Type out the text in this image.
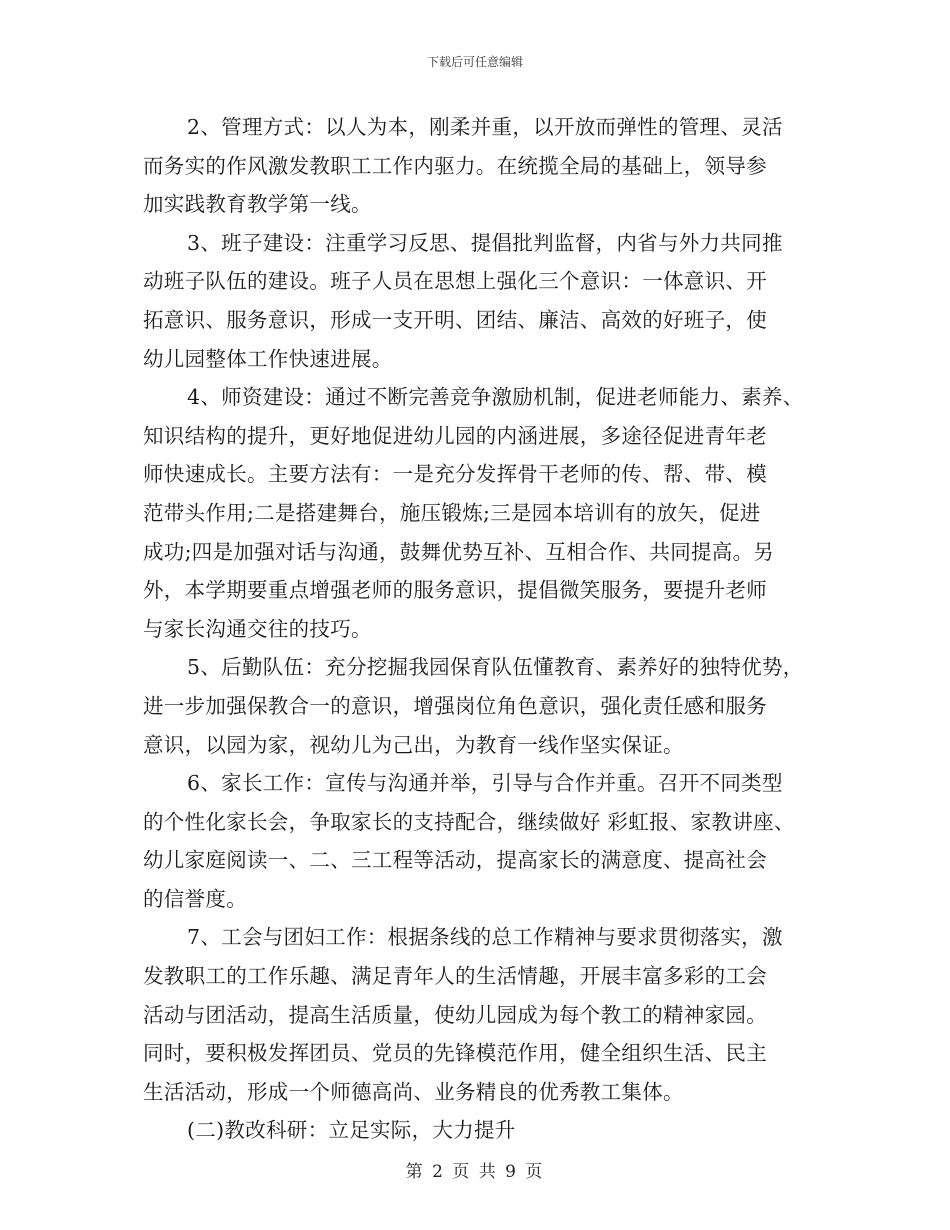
下载后可任意编辑
2、管理方式：以人为本，刚柔并重，以开放而弹性的管理、灵活
而务实的作风激发教职工工作内驱力。在统揽全局的基础上，领导参
加实践教育教学第一线。
3、班子建设：注重学习反思、提倡批判监督，内省与外力共同推
动班子队伍的建设。班子人员在思想上强化三个意识：一体意识、开
拓意识、服务意识，形成一支开明、团结、廉洁、高效的好班子，使
幼儿园整体工作快速进展。
4、师资建设：通过不断完善竞争激励机制，促进老师能力、素养、
知识结构的提升，更好地促进幼儿园的内涵进展，多途径促进青年老
师快速成长。主要方法有：一是充分发挥骨干老师的传、帮、带、模
范带头作用;二是搭建舞台，施压锻炼;三是园本培训有的放矢，促进
成功;四是加强对话与沟通，鼓舞优势互补、互相合作、共同提高。另
外，本学期要重点增强老师的服务意识，提倡微笑服务，要提升老师
与家长沟通交往的技巧。
5、后勤队伍：充分挖掘我园保育队伍懂教育、素养好的独特优势，
进一步加强保教合一的意识，增强岗位角色意识，强化责任感和服务
意识，以园为家，视幼儿为己出，为教育一线作坚实保证。
6、家长工作：宣传与沟通并举，引导与合作并重。召开不同类型
的个性化家长会，争取家长的支持配合，继续做好 彩虹报、家教讲座、
幼儿家庭阅读一、二、三工程等活动，提高家长的满意度、提高社会
的信誉度。
7、工会与团妇工作：根据条线的总工作精神与要求贯彻落实，激
发教职工的工作乐趣、满足青年人的生活情趣，开展丰富多彩的工会
活动与团活动，提高生活质量，使幼儿园成为每个教工的精神家园。
同时，要积极发挥团员、党员的先锋模范作用，健全组织生活、民主
生活活动，形成一个师德高尚、业务精良的优秀教工集体。
(二)教改科研：立足实际，大力提升
第 2 页 共 9 页
